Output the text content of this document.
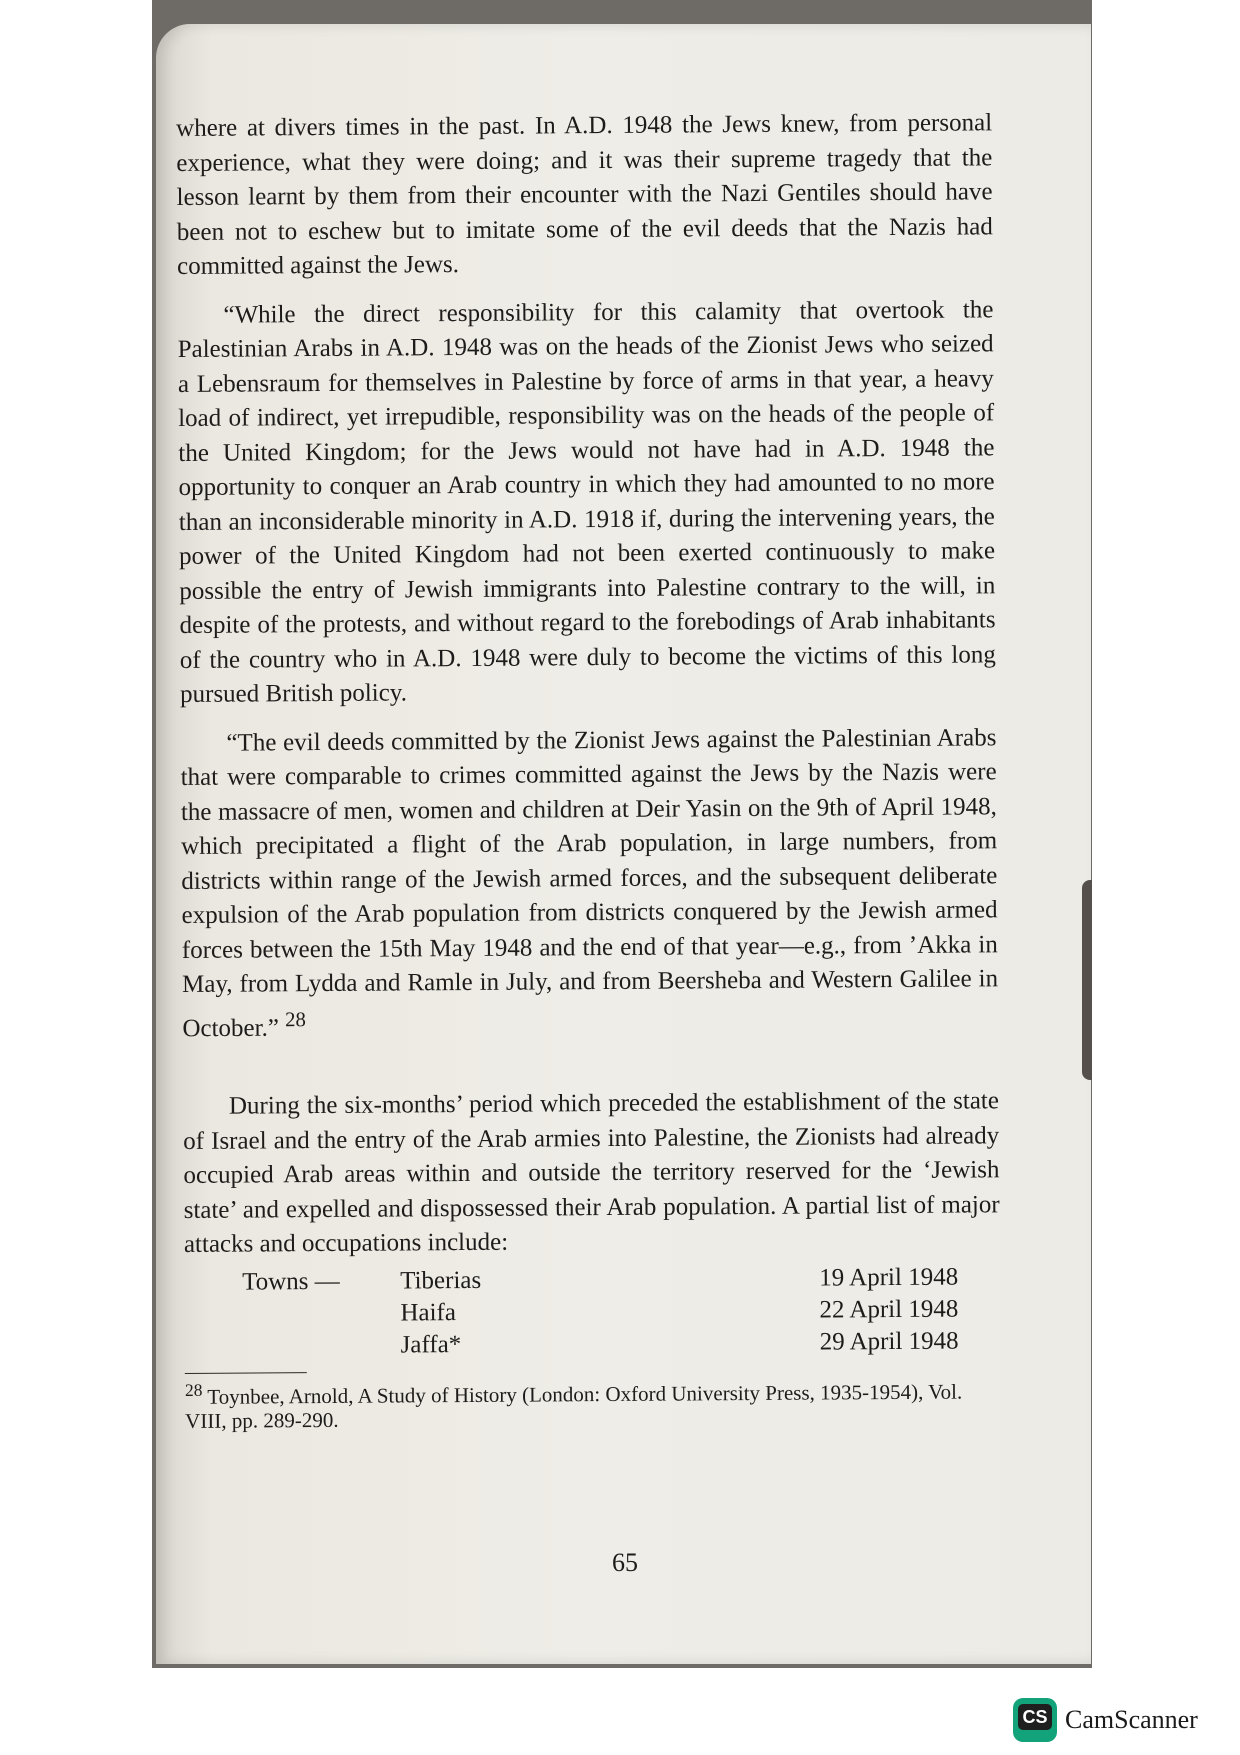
where at divers times in the past. In A.D. 1948 the Jews knew, from personal experience, what they were doing; and it was their supreme tragedy that the lesson learnt by them from their encounter with the Nazi Gentiles should have been not to eschew but to imitate some of the evil deeds that the Nazis had committed against the Jews.

“While the direct responsibility for this calamity that overtook the Palestinian Arabs in A.D. 1948 was on the heads of the Zionist Jews who seized a Lebensraum for themselves in Palestine by force of arms in that year, a heavy load of indirect, yet irrepudible, responsibility was on the heads of the people of the United Kingdom; for the Jews would not have had in A.D. 1948 the opportunity to conquer an Arab country in which they had amounted to no more than an inconsiderable minority in A.D. 1918 if, during the intervening years, the power of the United Kingdom had not been exerted continuously to make possible the entry of Jewish immigrants into Palestine contrary to the will, in despite of the protests, and without regard to the forebodings of Arab inhabitants of the country who in A.D. 1948 were duly to become the victims of this long pursued British policy.

“The evil deeds committed by the Zionist Jews against the Palestinian Arabs that were comparable to crimes committed against the Jews by the Nazis were the massacre of men, women and children at Deir Yasin on the 9th of April 1948, which precipitated a flight of the Arab population, in large numbers, from districts within range of the Jewish armed forces, and the subsequent deliberate expulsion of the Arab population from districts conquered by the Jewish armed forces between the 15th May 1948 and the end of that year—e.g., from ’Akka in May, from Lydda and Ramle in July, and from Beersheba and Western Galilee in October.” $^{28}$

During the six-months’ period which preceded the establishment of the state of Israel and the entry of the Arab armies into Palestine, the Zionists had already occupied Arab areas within and outside the territory reserved for the ‘Jewish state’ and expelled and dispossessed their Arab population. A partial list of major attacks and occupations include:

Towns —	Tiberias	19 April 1948
	Haifa	22 April 1948
	Jaffa*	29 April 1948
$^{28}$ Toynbee, Arnold, A Study of History (London: Oxford University Press, 1935-1954), Vol. VIII, pp. 289-290.
65
CS CamScanner
